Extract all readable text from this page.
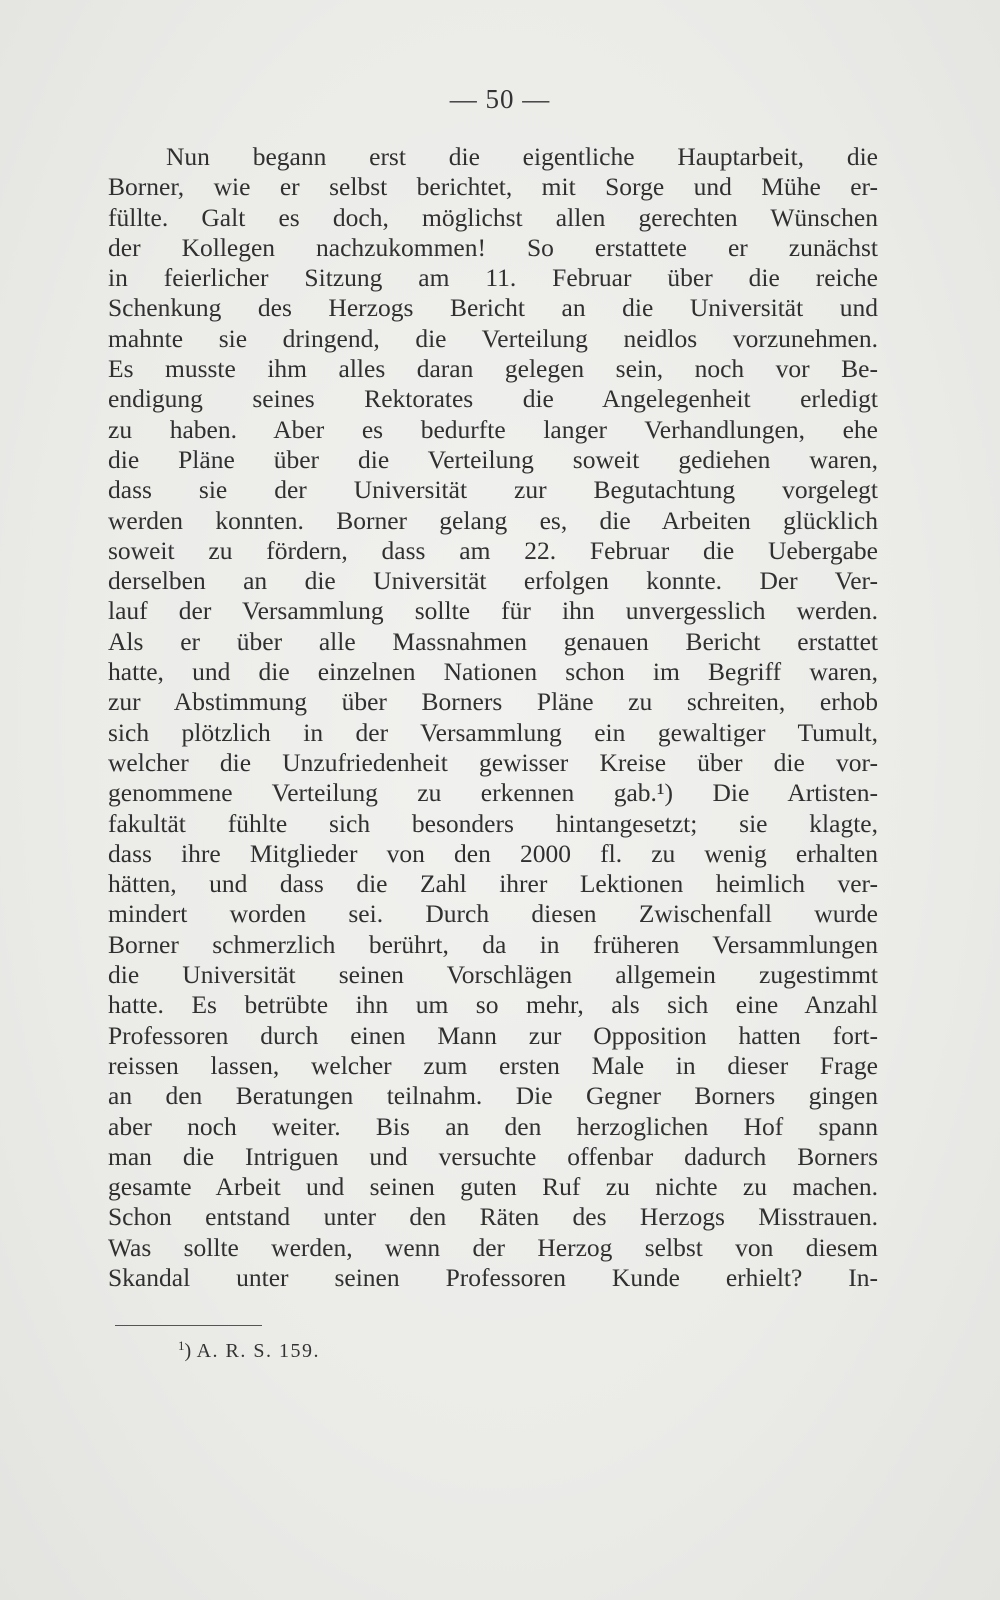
— 50 —
Nun begann erst die eigentliche Hauptarbeit, die
Borner, wie er selbst berichtet, mit Sorge und Mühe er-
füllte. Galt es doch, möglichst allen gerechten Wünschen
der Kollegen nachzukommen! So erstattete er zunächst
in feierlicher Sitzung am 11. Februar über die reiche
Schenkung des Herzogs Bericht an die Universität und
mahnte sie dringend, die Verteilung neidlos vorzunehmen.
Es musste ihm alles daran gelegen sein, noch vor Be-
endigung seines Rektorates die Angelegenheit erledigt
zu haben. Aber es bedurfte langer Verhandlungen, ehe
die Pläne über die Verteilung soweit gediehen waren,
dass sie der Universität zur Begutachtung vorgelegt
werden konnten. Borner gelang es, die Arbeiten glücklich
soweit zu fördern, dass am 22. Februar die Uebergabe
derselben an die Universität erfolgen konnte. Der Ver-
lauf der Versammlung sollte für ihn unvergesslich werden.
Als er über alle Massnahmen genauen Bericht erstattet
hatte, und die einzelnen Nationen schon im Begriff waren,
zur Abstimmung über Borners Pläne zu schreiten, erhob
sich plötzlich in der Versammlung ein gewaltiger Tumult,
welcher die Unzufriedenheit gewisser Kreise über die vor-
genommene Verteilung zu erkennen gab.¹) Die Artisten-
fakultät fühlte sich besonders hintangesetzt; sie klagte,
dass ihre Mitglieder von den 2000 fl. zu wenig erhalten
hätten, und dass die Zahl ihrer Lektionen heimlich ver-
mindert worden sei. Durch diesen Zwischenfall wurde
Borner schmerzlich berührt, da in früheren Versammlungen
die Universität seinen Vorschlägen allgemein zugestimmt
hatte. Es betrübte ihn um so mehr, als sich eine Anzahl
Professoren durch einen Mann zur Opposition hatten fort-
reissen lassen, welcher zum ersten Male in dieser Frage
an den Beratungen teilnahm. Die Gegner Borners gingen
aber noch weiter. Bis an den herzoglichen Hof spann
man die Intriguen und versuchte offenbar dadurch Borners
gesamte Arbeit und seinen guten Ruf zu nichte zu machen.
Schon entstand unter den Räten des Herzogs Misstrauen.
Was sollte werden, wenn der Herzog selbst von diesem
Skandal unter seinen Professoren Kunde erhielt? In-
$^1$) A. R. S. 159.
